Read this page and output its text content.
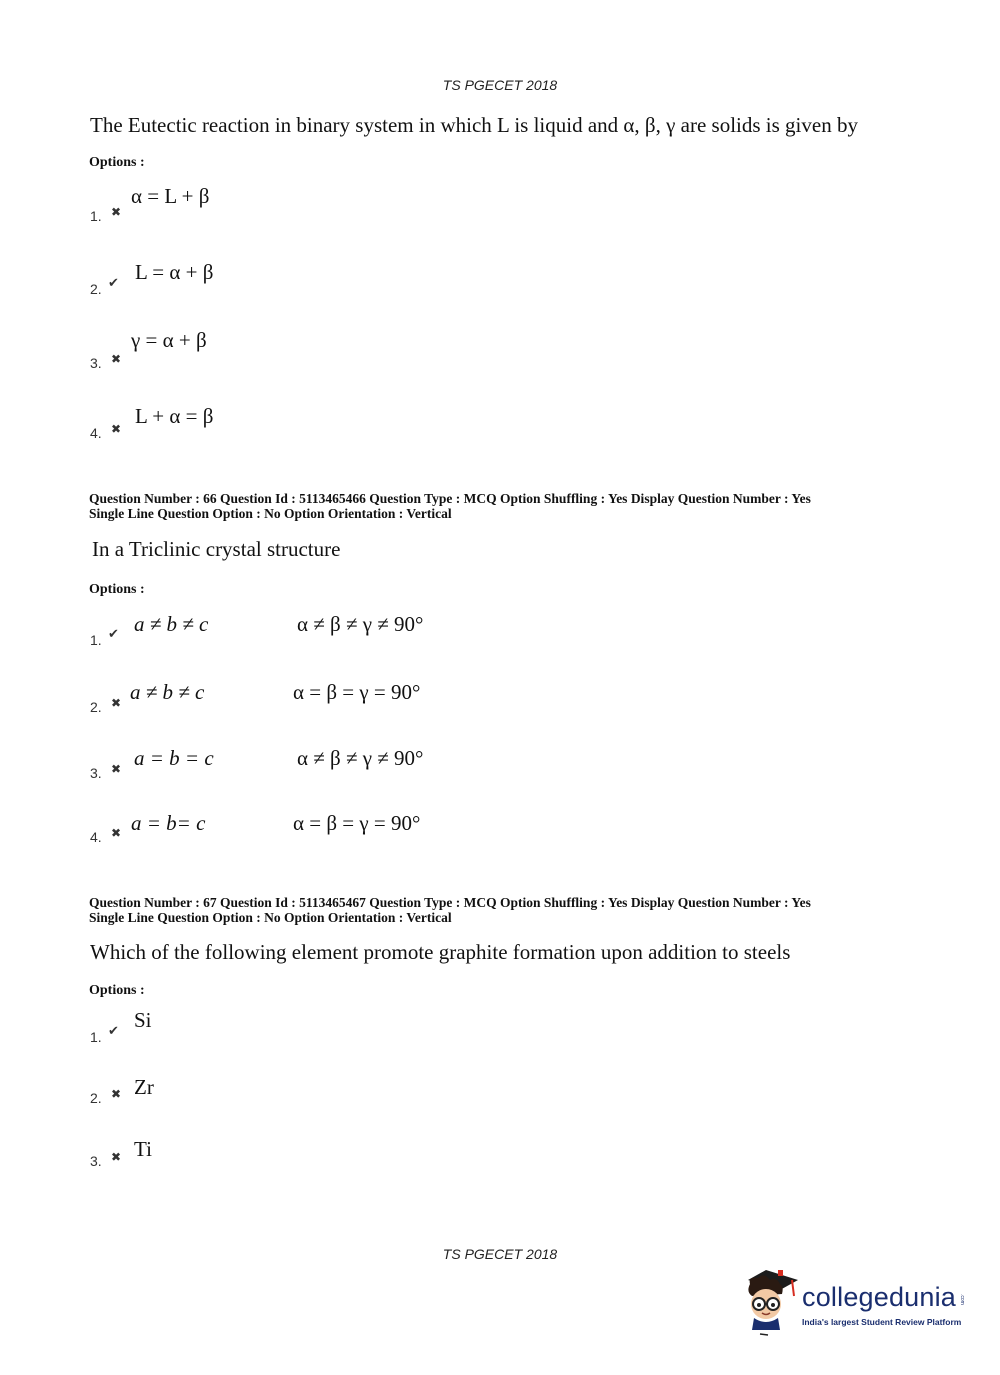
TS PGECET 2018
The Eutectic reaction in binary system in which L is liquid and α, β, γ are solids is given by
Options :
1. ✖
α = L + β
2. ✔ L = α + β
3. ✖
γ = α + β
4. ✖
L + α = β
Question Number : 66 Question Id : 5113465466 Question Type : MCQ Option Shuffling : Yes Display Question Number : Yes
Single Line Question Option : No Option Orientation : Vertical
In a Triclinic crystal structure
Options :
1. ✔ a ≠ b ≠ c	α ≠ β ≠ γ ≠ 90°
2. ✖ a ≠ b ≠ c	α = β = γ = 90°
3. ✖ a = b = c	α ≠ β ≠ γ ≠ 90°
4. ✖ a = b= c	α = β = γ = 90°
Question Number : 67 Question Id : 5113465467 Question Type : MCQ Option Shuffling : Yes Display Question Number : Yes
Single Line Question Option : No Option Orientation : Vertical
Which of the following element promote graphite formation upon addition to steels
Options :
1. ✔ Si
2. ✖ Zr
3. ✖ Ti
TS PGECET 2018
collegedunia .com
India's largest Student Review Platform
